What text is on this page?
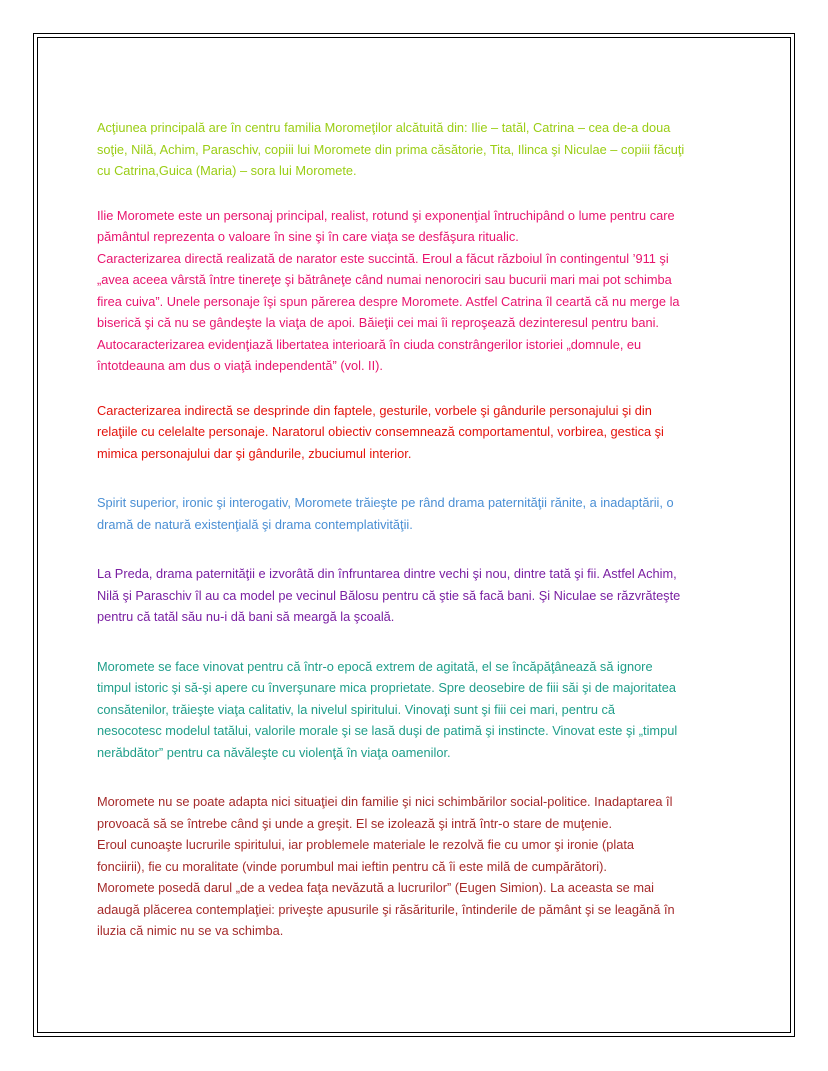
Acţiunea principală are în centru familia Moromeţilor alcătuită din: Ilie – tatăl, Catrina – cea de-a doua
soţie, Nilă, Achim, Paraschiv, copiii lui Moromete din prima căsătorie, Tita, Ilinca şi Niculae – copiii făcuţi
cu Catrina,Guica (Maria) – sora lui Moromete.

Ilie Moromete este un personaj principal, realist, rotund şi exponenţial întruchipând o lume pentru care
pământul reprezenta o valoare în sine şi în care viaţa se desfăşura ritualic.
Caracterizarea directă realizată de narator este succintă. Eroul a făcut războiul în contingentul ’911 şi
„avea aceea vârstă între tinereţe şi bătrâneţe când numai nenorociri sau bucurii mari mai pot schimba
firea cuiva”. Unele personaje îşi spun părerea despre Moromete. Astfel Catrina îl ceartă că nu merge la
biserică şi că nu se gândeşte la viaţa de apoi. Băieţii cei mai îi reproşează dezinteresul pentru bani.
Autocaracterizarea evidenţiază libertatea interioară în ciuda constrângerilor istoriei „domnule, eu
întotdeauna am dus o viaţă independentă” (vol. II).

Caracterizarea indirectă se desprinde din faptele, gesturile, vorbele şi gândurile personajului şi din
relaţiile cu celelalte personaje. Naratorul obiectiv consemnează comportamentul, vorbirea, gestica şi
mimica personajului dar şi gândurile, zbuciumul interior.

Spirit superior, ironic şi interogativ, Moromete trăieşte pe rând drama paternităţii rănite, a inadaptării, o
dramă de natură existenţială şi drama contemplativităţii.

La Preda, drama paternităţii e izvorâtă din înfruntarea dintre vechi şi nou, dintre tată şi fii. Astfel Achim,
Nilă şi Paraschiv îl au ca model pe vecinul Bălosu pentru că ştie să facă bani. Şi Niculae se răzvrăteşte
pentru că tatăl său nu-i dă bani să meargă la şcoală.

Moromete se face vinovat pentru că într-o epocă extrem de agitată, el se încăpăţânează să ignore
timpul istoric şi să-şi apere cu înverşunare mica proprietate. Spre deosebire de fiii săi şi de majoritatea
consătenilor, trăieşte viaţa calitativ, la nivelul spiritului. Vinovaţi sunt şi fiii cei mari, pentru că
nesocotesc modelul tatălui, valorile morale şi se lasă duşi de patimă şi instincte. Vinovat este şi „timpul
nerăbdător” pentru ca năvăleşte cu violenţă în viaţa oamenilor.

Moromete nu se poate adapta nici situaţiei din familie şi nici schimbărilor social-politice. Inadaptarea îl
provoacă să se întrebe când şi unde a greşit. El se izolează şi intră într-o stare de muţenie.
Eroul cunoaşte lucrurile spiritului, iar problemele materiale le rezolvă fie cu umor şi ironie (plata
fonciirii), fie cu moralitate (vinde porumbul mai ieftin pentru că îi este milă de cumpărători).
Moromete posedă darul „de a vedea faţa nevăzută a lucrurilor” (Eugen Simion). La aceasta se mai
adaugă plăcerea contemplaţiei: priveşte apusurile şi răsăriturile, întinderile de pământ şi se leagănă în
iluzia că nimic nu se va schimba.
